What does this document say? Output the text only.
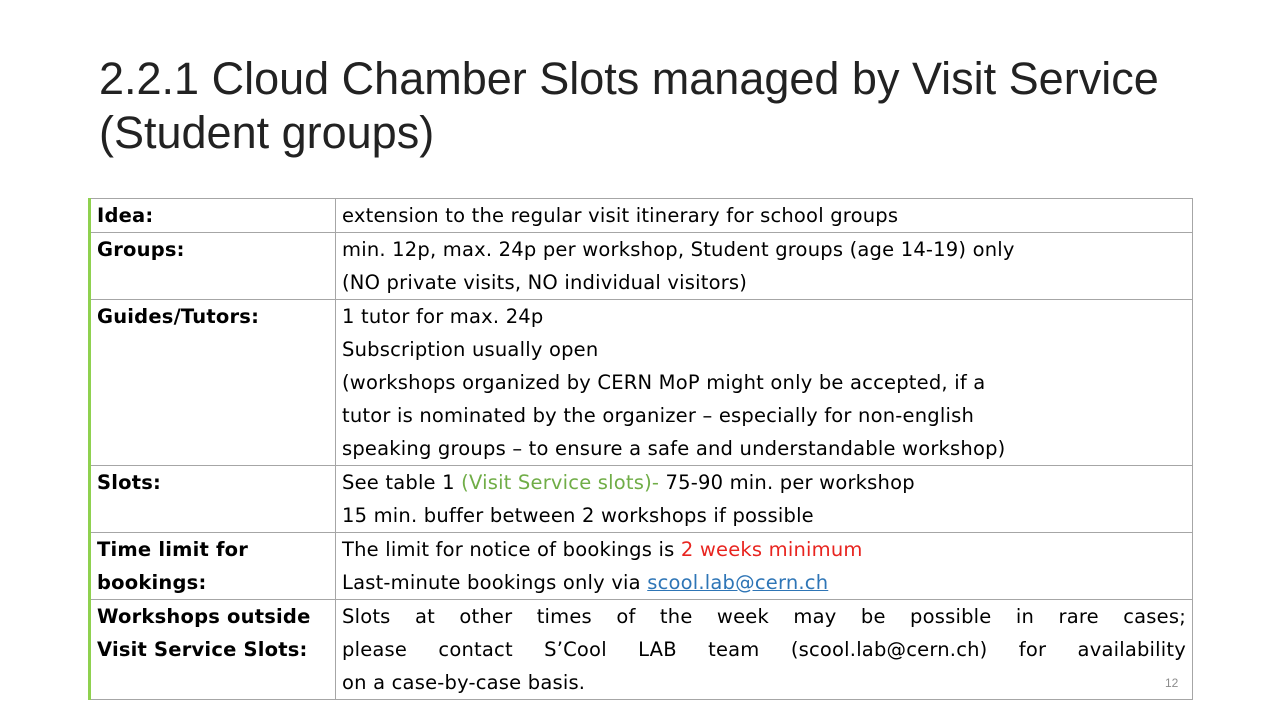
2.2.1 Cloud Chamber Slots managed by Visit Service (Student groups)
Idea:	extension to the regular visit itinerary for school groups

Groups:	min. 12p, max. 24p per workshop, Student groups (age 14-19) only
(NO private visits, NO individual visitors)

Guides/Tutors:	1 tutor for max. 24p
Subscription usually open
(workshops organized by CERN MoP might only be accepted, if a
tutor is nominated by the organizer – especially for non-english
speaking groups – to ensure a safe and understandable workshop)

Slots:	See table 1 (Visit Service slots)- 75-90 min. per workshop
15 min. buffer between 2 workshops if possible

Time limit for bookings:	The limit for notice of bookings is 2 weeks minimum
Last-minute bookings only via scool.lab@cern.ch

Workshops outside Visit Service Slots:	Slots at other times of the week may be possible in rare cases;
please contact S’Cool LAB team (scool.lab@cern.ch) for availability
on a case-by-case basis.	12
